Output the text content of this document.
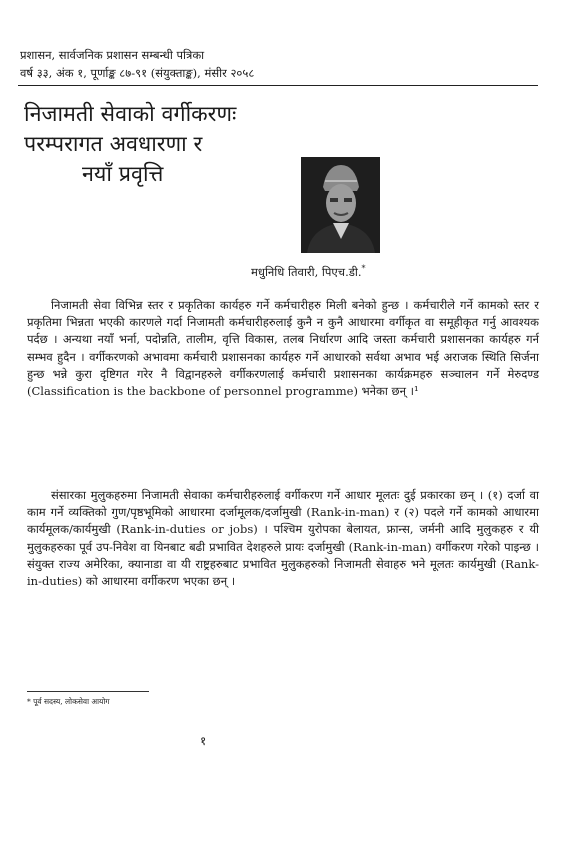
प्रशासन, सार्वजनिक प्रशासन सम्बन्धी पत्रिका
वर्ष ३३, अंक १, पूर्णाङ्क ८७-९१ (संयुक्ताङ्क), मंसीर २०५८
निजामती सेवाको वर्गीकरणः
परम्परागत अवधारणा र
नयाँ प्रवृत्ति
मधुनिधि तिवारी, पिएच.डी.*

निजामती सेवा विभिन्न स्तर र प्रकृतिका कार्यहरु गर्ने कर्मचारीहरु मिली बनेको हुन्छ । कर्मचारीले गर्ने कामको स्तर र प्रकृतिमा भिन्नता भएकी कारणले गर्दा निजामती कर्मचारीहरुलाई कुनै न कुनै आधारमा वर्गीकृत वा समूहीकृत गर्नु आवश्यक पर्दछ । अन्यथा नयाँ भर्ना, पदोन्नति, तालीम, वृत्ति विकास, तलब निर्धारण आदि जस्ता कर्मचारी प्रशासनका कार्यहरु गर्न सम्भव हुदैन । वर्गीकरणको अभावमा कर्मचारी प्रशासनका कार्यहरु गर्ने आधारको सर्वथा अभाव भई अराजक स्थिति सिर्जना हुन्छ भन्ने कुरा दृष्टिगत गरेर नै विद्वानहरुले वर्गीकरणलाई कर्मचारी प्रशासनका कार्यक्रमहरु सञ्चालन गर्ने मेरुदण्ड (Classification is the backbone of personnel programme) भनेका छन् ।¹

संसारका मुलुकहरुमा निजामती सेवाका कर्मचारीहरुलाई वर्गीकरण गर्ने आधार मूलतः दुई प्रकारका छन् । (१) दर्जा वा काम गर्ने व्यक्तिको गुण/पृष्ठभूमिको आधारमा दर्जामूलक/दर्जामुखी (Rank-in-man) र (२) पदले गर्ने कामको आधारमा कार्यमूलक/कार्यमुखी (Rank-in-duties or jobs) । पश्चिम युरोपका बेलायत, फ्रान्स, जर्मनी आदि मुलुकहरु र यी मुलुकहरुका पूर्व उप-निवेश वा यिनबाट बढी प्रभावित देशहरुले प्रायः दर्जामुखी (Rank-in-man) वर्गीकरण गरेको पाइन्छ । संयुक्त राज्य अमेरिका, क्यानाडा वा यी राष्ट्रहरुबाट प्रभावित मुलुकहरुको निजामती सेवाहरु भने मूलतः कार्यमुखी (Rank-in-duties) को आधारमा वर्गीकरण भएका छन् ।

* पूर्व सदस्य, लोकसेवा आयोग
१
